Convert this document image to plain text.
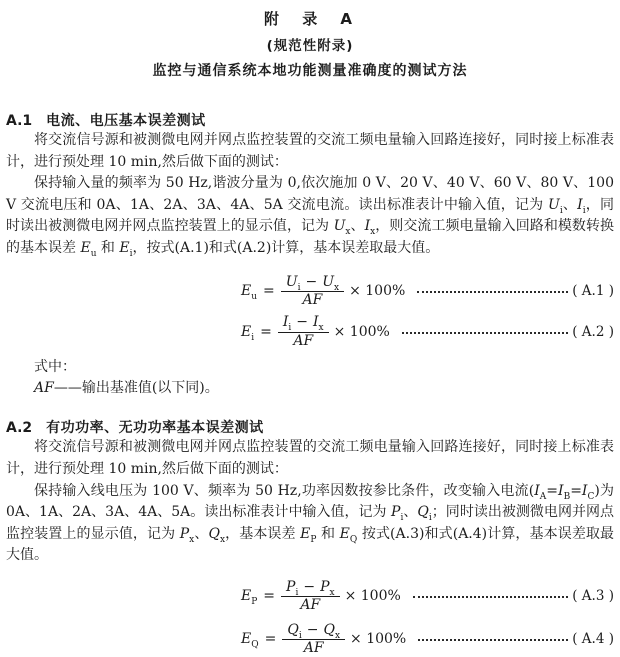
附 录 A
(规范性附录)
监控与通信系统本地功能测量准确度的测试方法
A.1 电流、电压基本误差测试

将交流信号源和被测微电网并网点监控装置的交流工频电量输入回路连接好，同时接上标准表计，进行预处理 10 min,然后做下面的测试：

保持输入量的频率为 50 Hz,谐波分量为 0,依次施加 0 V、20 V、40 V、60 V、80 V、100 V 交流电压和 0A、1A、2A、3A、4A、5A 交流电流。读出标准表计中输入值，记为 $U_i$、$I_i$，同时读出被测微电网并网点监控装置上的显示值，记为 $U_x$、$I_x$，则交流工频电量输入回路和模数转换的基本误差 $E_u$ 和 $E_i$，按式(A.1)和式(A.2)计算，基本误差取最大值。

$E_u = \frac{U_i - U_x}{AF} \times 100\%$	( A.1 )
$E_i = \frac{I_i - I_x}{AF} \times 100\%$	( A.2 )

式中：

AF——输出基准值(以下同)。

A.2 有功功率、无功功率基本误差测试

将交流信号源和被测微电网并网点监控装置的交流工频电量输入回路连接好，同时接上标准表计，进行预处理 10 min,然后做下面的测试：

保持输入线电压为 100 V、频率为 50 Hz,功率因数按参比条件，改变输入电流$(I_A=I_B=I_C)$为 0A、1A、2A、3A、4A、5A。读出标准表计中输入值，记为 $P_i$、$Q_i$；同时读出被测微电网并网点监控装置上的显示值，记为 $P_x$、$Q_x$，基本误差 $E_P$ 和 $E_Q$ 按式(A.3)和式(A.4)计算，基本误差取最大值。

$E_P = \frac{P_i - P_x}{AF} \times 100\%$	( A.3 )
$E_Q = \frac{Q_i - Q_x}{AF} \times 100\%$	( A.4 )
